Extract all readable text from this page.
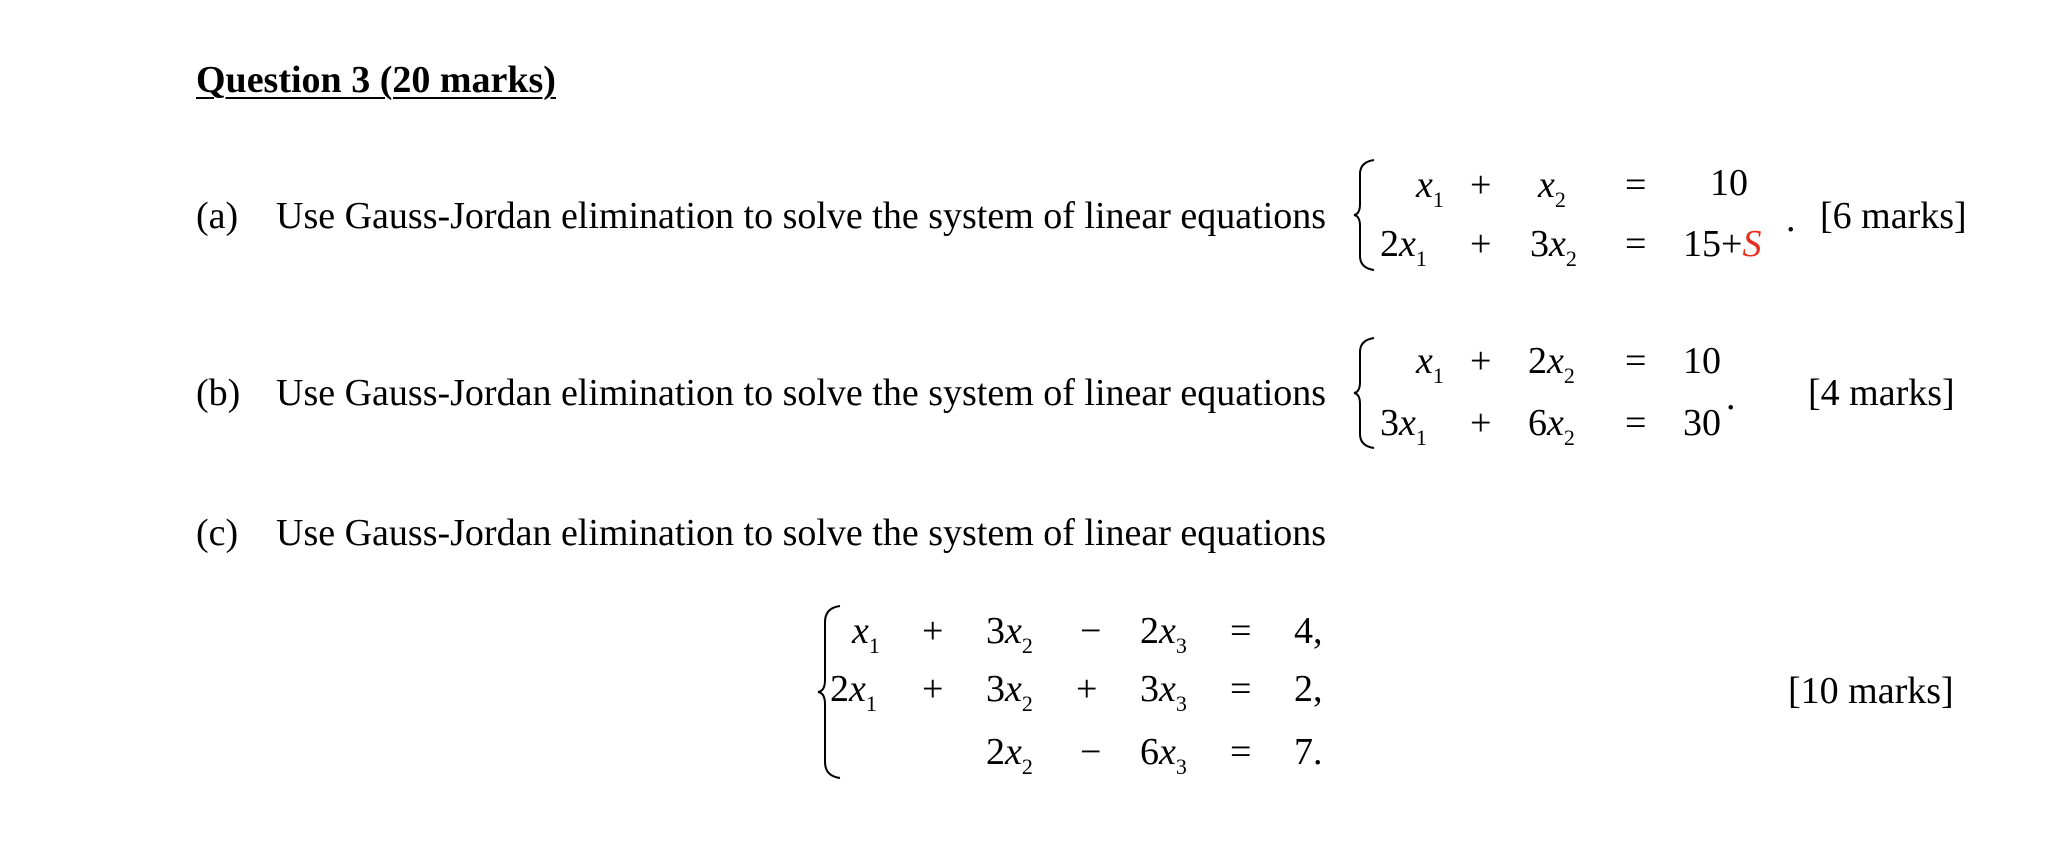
Question 3 (20 marks)
(a) Use Gauss-Jordan elimination to solve the system of linear equations
$x_1 + x_2 = 10$
$2x_1 + 3x_2 = 15+S$
. [6 marks]
(b) Use Gauss-Jordan elimination to solve the system of linear equations
$x_1 + 2x_2 = 10$
$3x_1 + 6x_2 = 30$
. [4 marks]
(c) Use Gauss-Jordan elimination to solve the system of linear equations
$x_1 + 3x_2 - 2x_3 = 4$,
$2x_1 + 3x_2 + 3x_3 = 2$,
$2x_2 - 6x_3 = 7$.
[10 marks]
